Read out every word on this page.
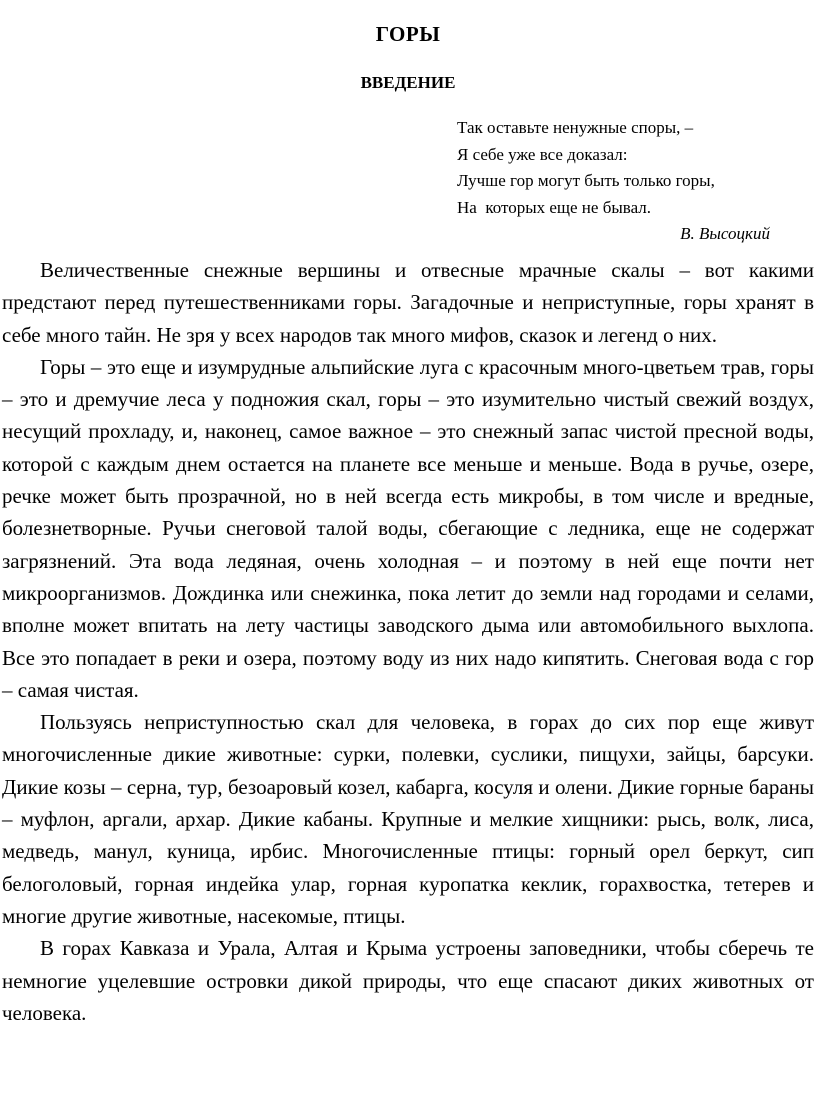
ГОРЫ
ВВЕДЕНИЕ
Так оставьте ненужные споры, –
Я себе уже все доказал:
Лучше гор могут быть только горы,
На  которых еще не бывал.
В. Высоцкий

Величественные снежные вершины и отвесные мрачные скалы – вот какими предстают перед путешественниками горы. Загадочные и неприступные, горы хранят в себе много тайн. Не зря у всех народов так много мифов, сказок и легенд о них.

Горы – это еще и изумрудные альпийские луга с красочным много-цветьем трав, горы – это и дремучие леса у подножия скал, горы – это изумительно чистый свежий воздух, несущий прохладу, и, наконец, самое важное – это снежный запас чистой пресной воды, которой с каждым днем остается на планете все меньше и меньше. Вода в ручье, озере, речке может быть прозрачной, но в ней всегда есть микробы, в том числе и вредные, болезнетворные. Ручьи снеговой талой воды, сбегающие с ледника, еще не содержат загрязнений. Эта вода ледяная, очень холодная – и поэтому в ней еще почти нет микроорганизмов. Дождинка или снежинка, пока летит до земли над городами и селами, вполне может впитать на лету частицы заводского дыма или автомобильного выхлопа. Все это попадает в реки и озера, поэтому воду из них надо кипятить. Снеговая вода с гор – самая чистая.

Пользуясь неприступностью скал для человека, в горах до сих пор еще живут многочисленные дикие животные: сурки, полевки, суслики, пищухи, зайцы, барсуки. Дикие козы – серна, тур, безоаровый козел, кабарга, косуля и олени. Дикие горные бараны – муфлон, аргали, архар. Дикие кабаны. Крупные и мелкие хищники: рысь, волк, лиса, медведь, манул, куница, ирбис. Многочисленные птицы: горный орел беркут, сип белоголовый, горная индейка улар, горная куропатка кеклик, горахвостка, тетерев и многие другие животные, насекомые, птицы.

В горах Кавказа и Урала, Алтая и Крыма устроены заповедники, чтобы сберечь те немногие уцелевшие островки дикой природы, что еще спасают диких животных от человека.
